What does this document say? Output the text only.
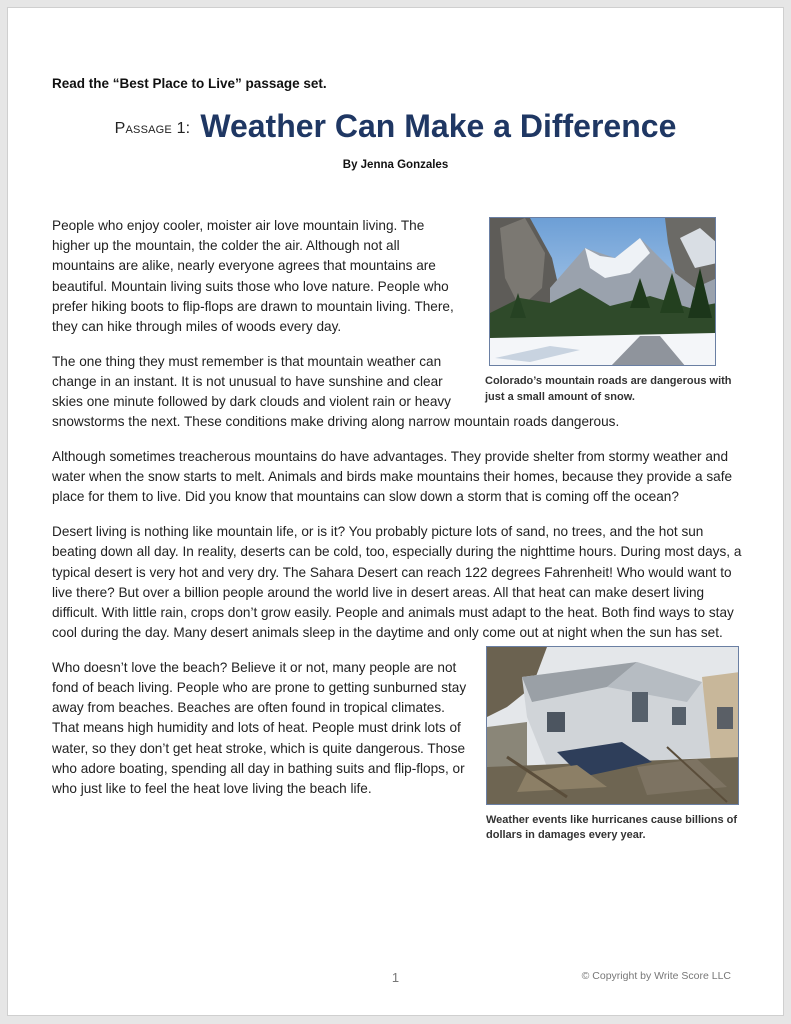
Read the “Best Place to Live” passage set.

Passage 1: Weather Can Make a Difference
By Jenna Gonzales
Colorado’s mountain roads are dangerous with just a small amount of snow.

People who enjoy cooler, moister air love mountain living. The higher up the mountain, the colder the air. Although not all mountains are alike, nearly everyone agrees that mountains are beautiful. Mountain living suits those who love nature. People who prefer hiking boots to flip-flops are drawn to mountain living. There, they can hike through miles of woods every day.

The one thing they must remember is that mountain weather can change in an instant. It is not unusual to have sunshine and clear skies one minute followed by dark clouds and violent rain or heavy snowstorms the next. These conditions make driving along narrow mountain roads dangerous.

Although sometimes treacherous mountains do have advantages. They provide shelter from stormy weather and water when the snow starts to melt. Animals and birds make mountains their homes, because they provide a safe place for them to live. Did you know that mountains can slow down a storm that is coming off the ocean?

Desert living is nothing like mountain life, or is it? You probably picture lots of sand, no trees, and the hot sun beating down all day. In reality, deserts can be cold, too, especially during the nighttime hours. During most days, a typical desert is very hot and very dry. The Sahara Desert can reach 122 degrees Fahrenheit! Who would want to live there? But over a billion people around the world live in desert areas. All that heat can make desert living difficult. With little rain, crops don’t grow easily. People and animals must adapt to the heat. Both find ways to stay cool during the day. Many desert animals sleep in the daytime and only come out at night when the sun has set.

Weather events like hurricanes cause billions of dollars in damages every year.

Who doesn’t love the beach? Believe it or not, many people are not fond of beach living. People who are prone to getting sunburned stay away from beaches. Beaches are often found in tropical climates. That means high humidity and lots of heat. People must drink lots of water, so they don’t get heat stroke, which is quite dangerous. Those who adore boating, spending all day in bathing suits and flip-flops, or who just like to feel the heat love living the beach life.

1	© Copyright by Write Score LLC
